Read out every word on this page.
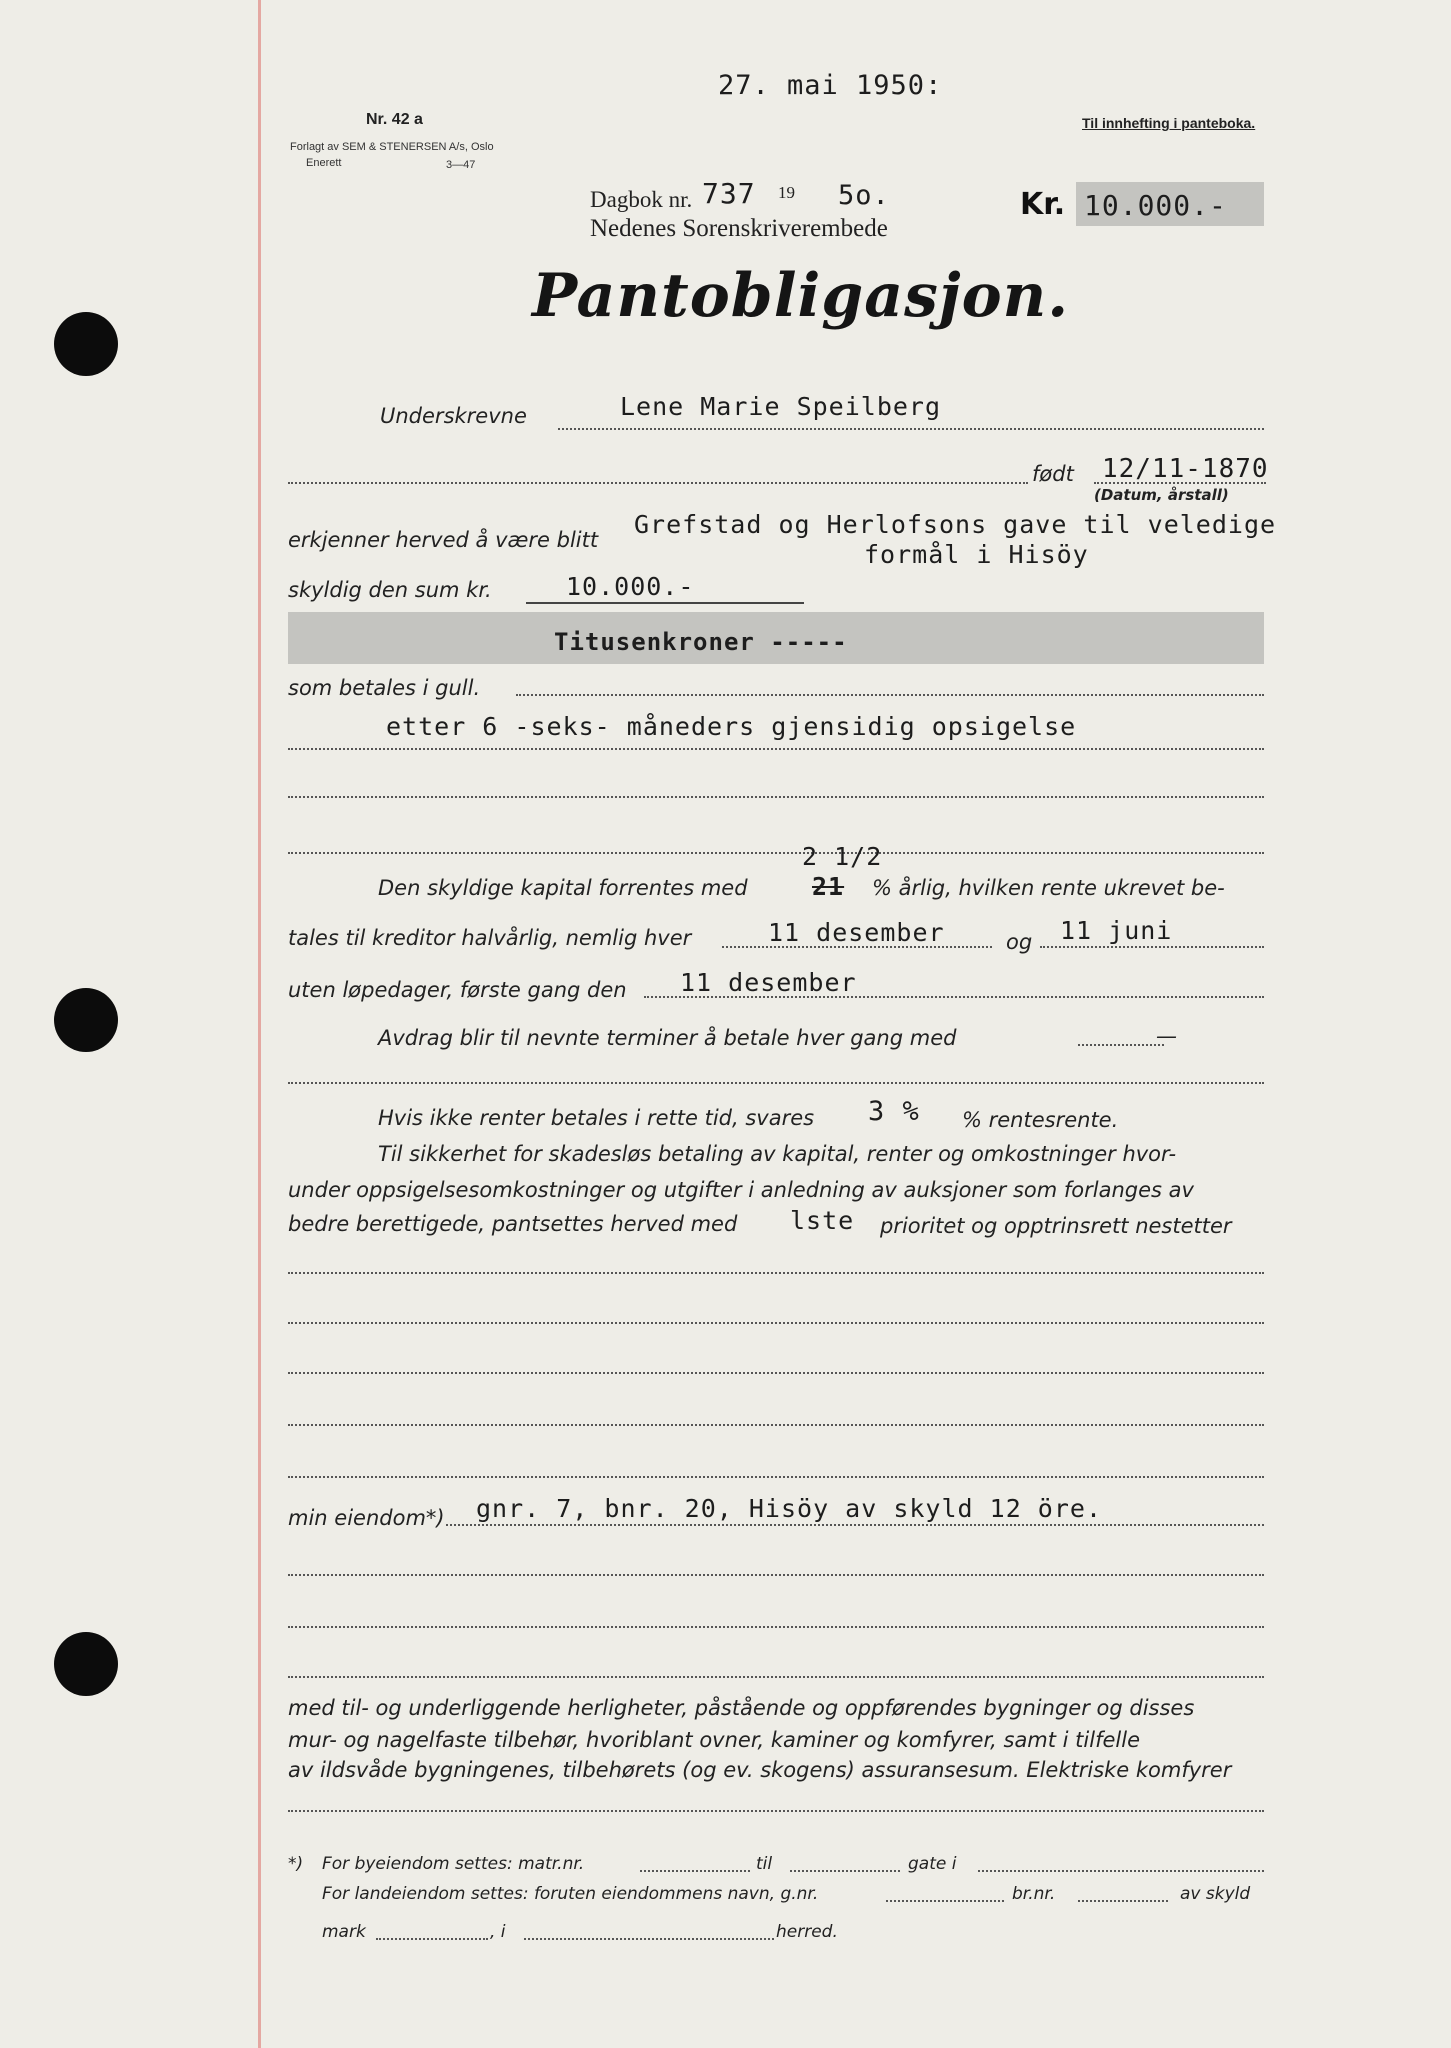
27. mai 1950:
Nr. 42 a
Forlagt av SEM & STENERSEN A/s, Oslo
Enerett	3—47
Til innhefting i panteboka.
Dagbok nr. 737 19 5o.
Nedenes Sorenskriverembede
Kr. 10.000.-
Pantobligasjon.
Underskrevne	Lene Marie Speilberg
født 12/11-1870
(Datum, årstall)
erkjenner herved å være blitt
Grefstad og Herlofsons gave til veledige
formål i Hisöy
skyldig den sum kr.	10.000.-
Titusenkroner -----
som betales i gull.
etter 6 -seks- måneders gjensidig opsigelse
2 1/2
Den skyldige kapital forrentes med	21 % årlig, hvilken rente ukrevet be-
tales til kreditor halvårlig, nemlig hver	11 desember	og 11 juni
uten løpedager, første gang den 11 desember
Avdrag blir til nevnte terminer å betale hver gang med	—
Hvis ikke renter betales i rette tid, svares 3 % % rentesrente.
Til sikkerhet for skadesløs betaling av kapital, renter og omkostninger hvor-
under oppsigelsesomkostninger og utgifter i anledning av auksjoner som forlanges av
bedre berettigede, pantsettes herved med lste prioritet og opptrinsrett nestetter
min eiendom*) gnr. 7, bnr. 20, Hisöy av skyld 12 öre.
med til- og underliggende herligheter, påstående og oppførendes bygninger og disses
mur- og nagelfaste tilbehør, hvoriblant ovner, kaminer og komfyrer, samt i tilfelle
av ildsvåde bygningenes, tilbehørets (og ev. skogens) assuransesum. Elektriske komfyrer
*) For byeiendom settes: matr.nr.	til	gate i
For landeiendom settes: foruten eiendommens navn, g.nr.	br.nr.	av skyld
mark	, i	herred.
